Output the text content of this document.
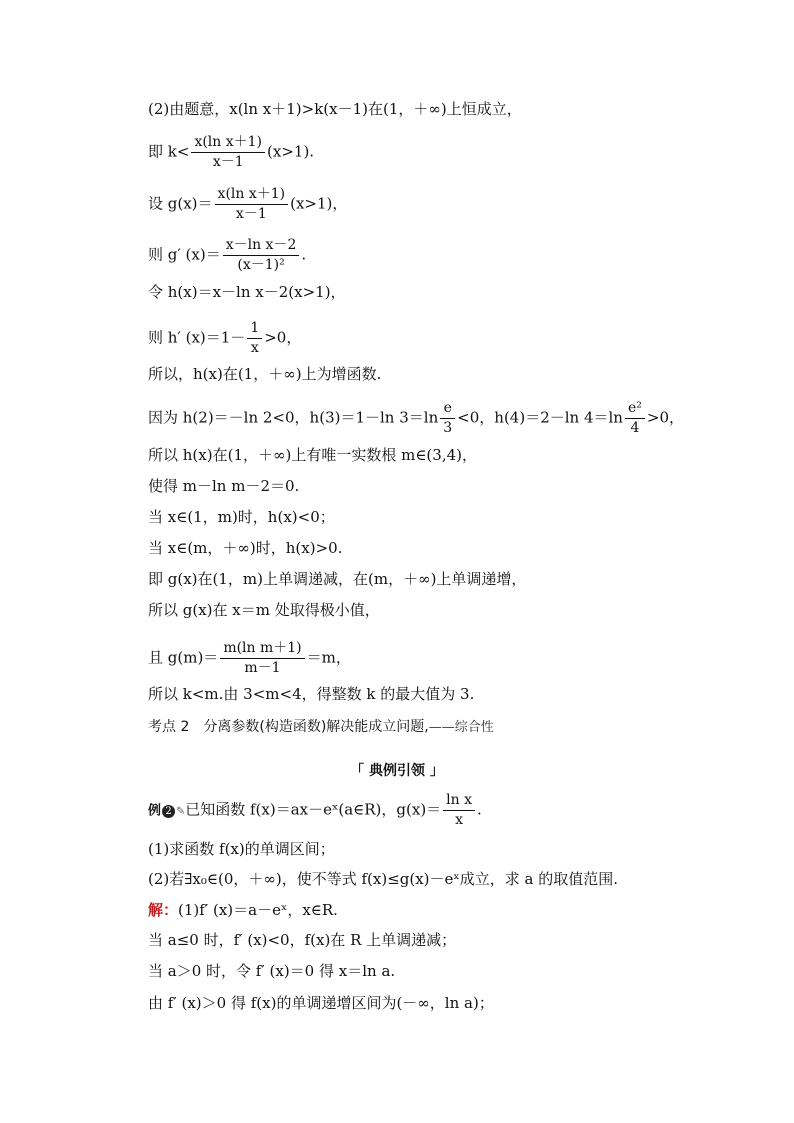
(2)由题意，x(ln x＋1)>k(x－1)在(1，＋∞)上恒成立，
即 $k< \frac{\text{x(ln x＋1)}}{x-1} (x>1)$.
设 $g(x)= \frac{\text{x(ln x＋1)}}{x-1} (x>1)$，
则 g′ $(x)= \frac{\text{x－ln x－2}}{\text{(x－1)²}}$ .
令 h(x)＝x－ln x－2(x>1)，
则 h′ $(x)=1- \frac{1}{x} >0$，
所以，h(x)在(1，＋∞)上为增函数.
因为 h(2)＝－ln 2<0，h(3)＝1－ln $3=\ln \frac{e}{3} <0$，h(4)＝2－ln $4=\ln \frac{\text{e²}}{4} >0$，
所以 h(x)在(1，＋∞)上有唯一实数根 m∈(3,4)，
使得 m－ln m－2＝0.
当 x∈(1，m)时，h(x)<0；
当 x∈(m，＋∞)时，h(x)>0.
即 g(x)在(1，m)上单调递减，在(m，＋∞)上单调递增，
所以 g(x)在 x＝m 处取得极小值，
且 $g(m)= \frac{\text{m(ln m＋1)}}{m-1} =m$，
所以 k<m.由 3<m<4，得整数 k 的最大值为 3.
考点 2　分离参数(构造函数)解决能成立问题,——综合性
「 典例引领 」
例 2 ✎已知函数 f(x)＝ax－eˣ(a∈R)，$g(x)= \frac{\text{ln x}}{x}$ .
(1)求函数 f(x)的单调区间；
(2)若∃x₀∈(0，＋∞)，使不等式 f(x)≤g(x)－eˣ成立，求 a 的取值范围.
解：(1)f′ (x)＝a－eˣ，x∈R.
当 a≤0 时，f′ (x)<0，f(x)在 R 上单调递减；
当 a＞0 时，令 f′ (x)＝0 得 x＝ln a.
由 f′ (x)＞0 得 f(x)的单调递增区间为(－∞，ln a)；
